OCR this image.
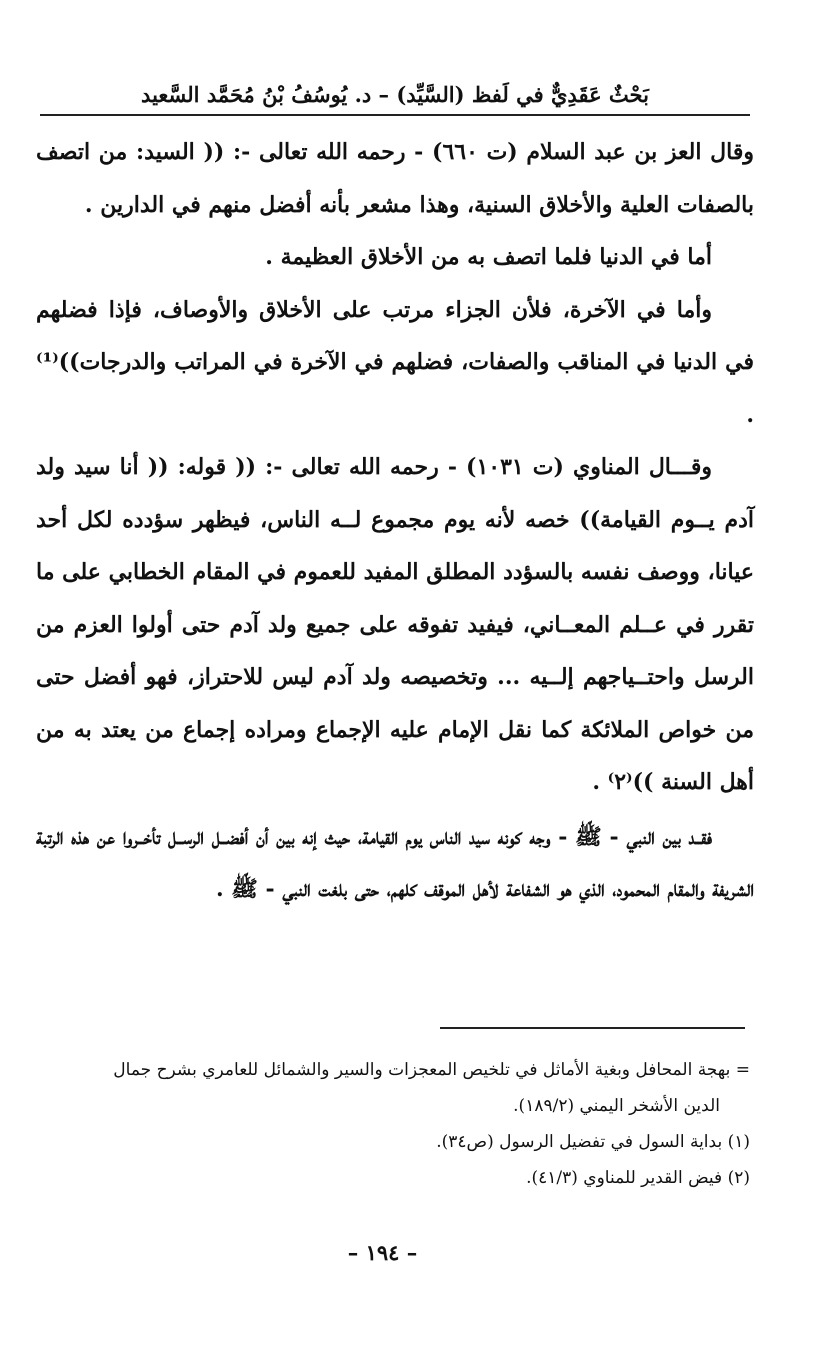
بَحْثٌ عَقَدِيٌّ في لَفظ (السَّيِّد) – د. يُوسُفُ بْنُ مُحَمَّد السَّعيد

وقال العز بن عبد السلام (ت ٦٦٠) - رحمه الله تعالى -: (( السيد: من اتصف بالصفات العلية والأخلاق السنية، وهذا مشعر بأنه أفضل منهم في الدارين .

أما في الدنيا فلما اتصف به من الأخلاق العظيمة .

وأما في الآخرة، فلأن الجزاء مرتب على الأخلاق والأوصاف، فإذا فضلهم في الدنيا في المناقب والصفات، فضلهم في الآخرة في المراتب والدرجات))⁽¹⁾ .

وقـــال المناوي (ت ١٠٣١) - رحمه الله تعالى -: (( قوله: (( أنا سيد ولد آدم يــوم القيامة)) خصه لأنه يوم مجموع لــه الناس، فيظهر سؤدده لكل أحد عيانا، ووصف نفسه بالسؤدد المطلق المفيد للعموم في المقام الخطابي على ما تقرر في عــلم المعــاني، فيفيد تفوقه على جميع ولد آدم حتى أولوا العزم من الرسل واحتــياجهم إلــيه ... وتخصيصه ولد آدم ليس للاحتراز، فهو أفضل حتى من خواص الملائكة كما نقل الإمام عليه الإجماع ومراده إجماع من يعتد به من أهل السنة ))⁽٢⁾ .

فقــد بين النبي - ﷺ - وجه كونه سيد الناس يوم القيامة، حيث إنه بين أن أفضــل الرســل تأخــروا عن هذه الرتبة الشريفة والمقام المحمود، الذي هو الشفاعة لأهل الموقف كلهم، حتى بلغت النبي - ﷺ .

= بهجة المحافل وبغية الأماثل في تلخيص المعجزات والسير والشمائل للعامري بشرح جمال

الدين الأشخر اليمني (١٨٩/٢).

(١) بداية السول في تفضيل الرسول (ص٣٤).

(٢) فيض القدير للمناوي (٤١/٣).

– ١٩٤ –
